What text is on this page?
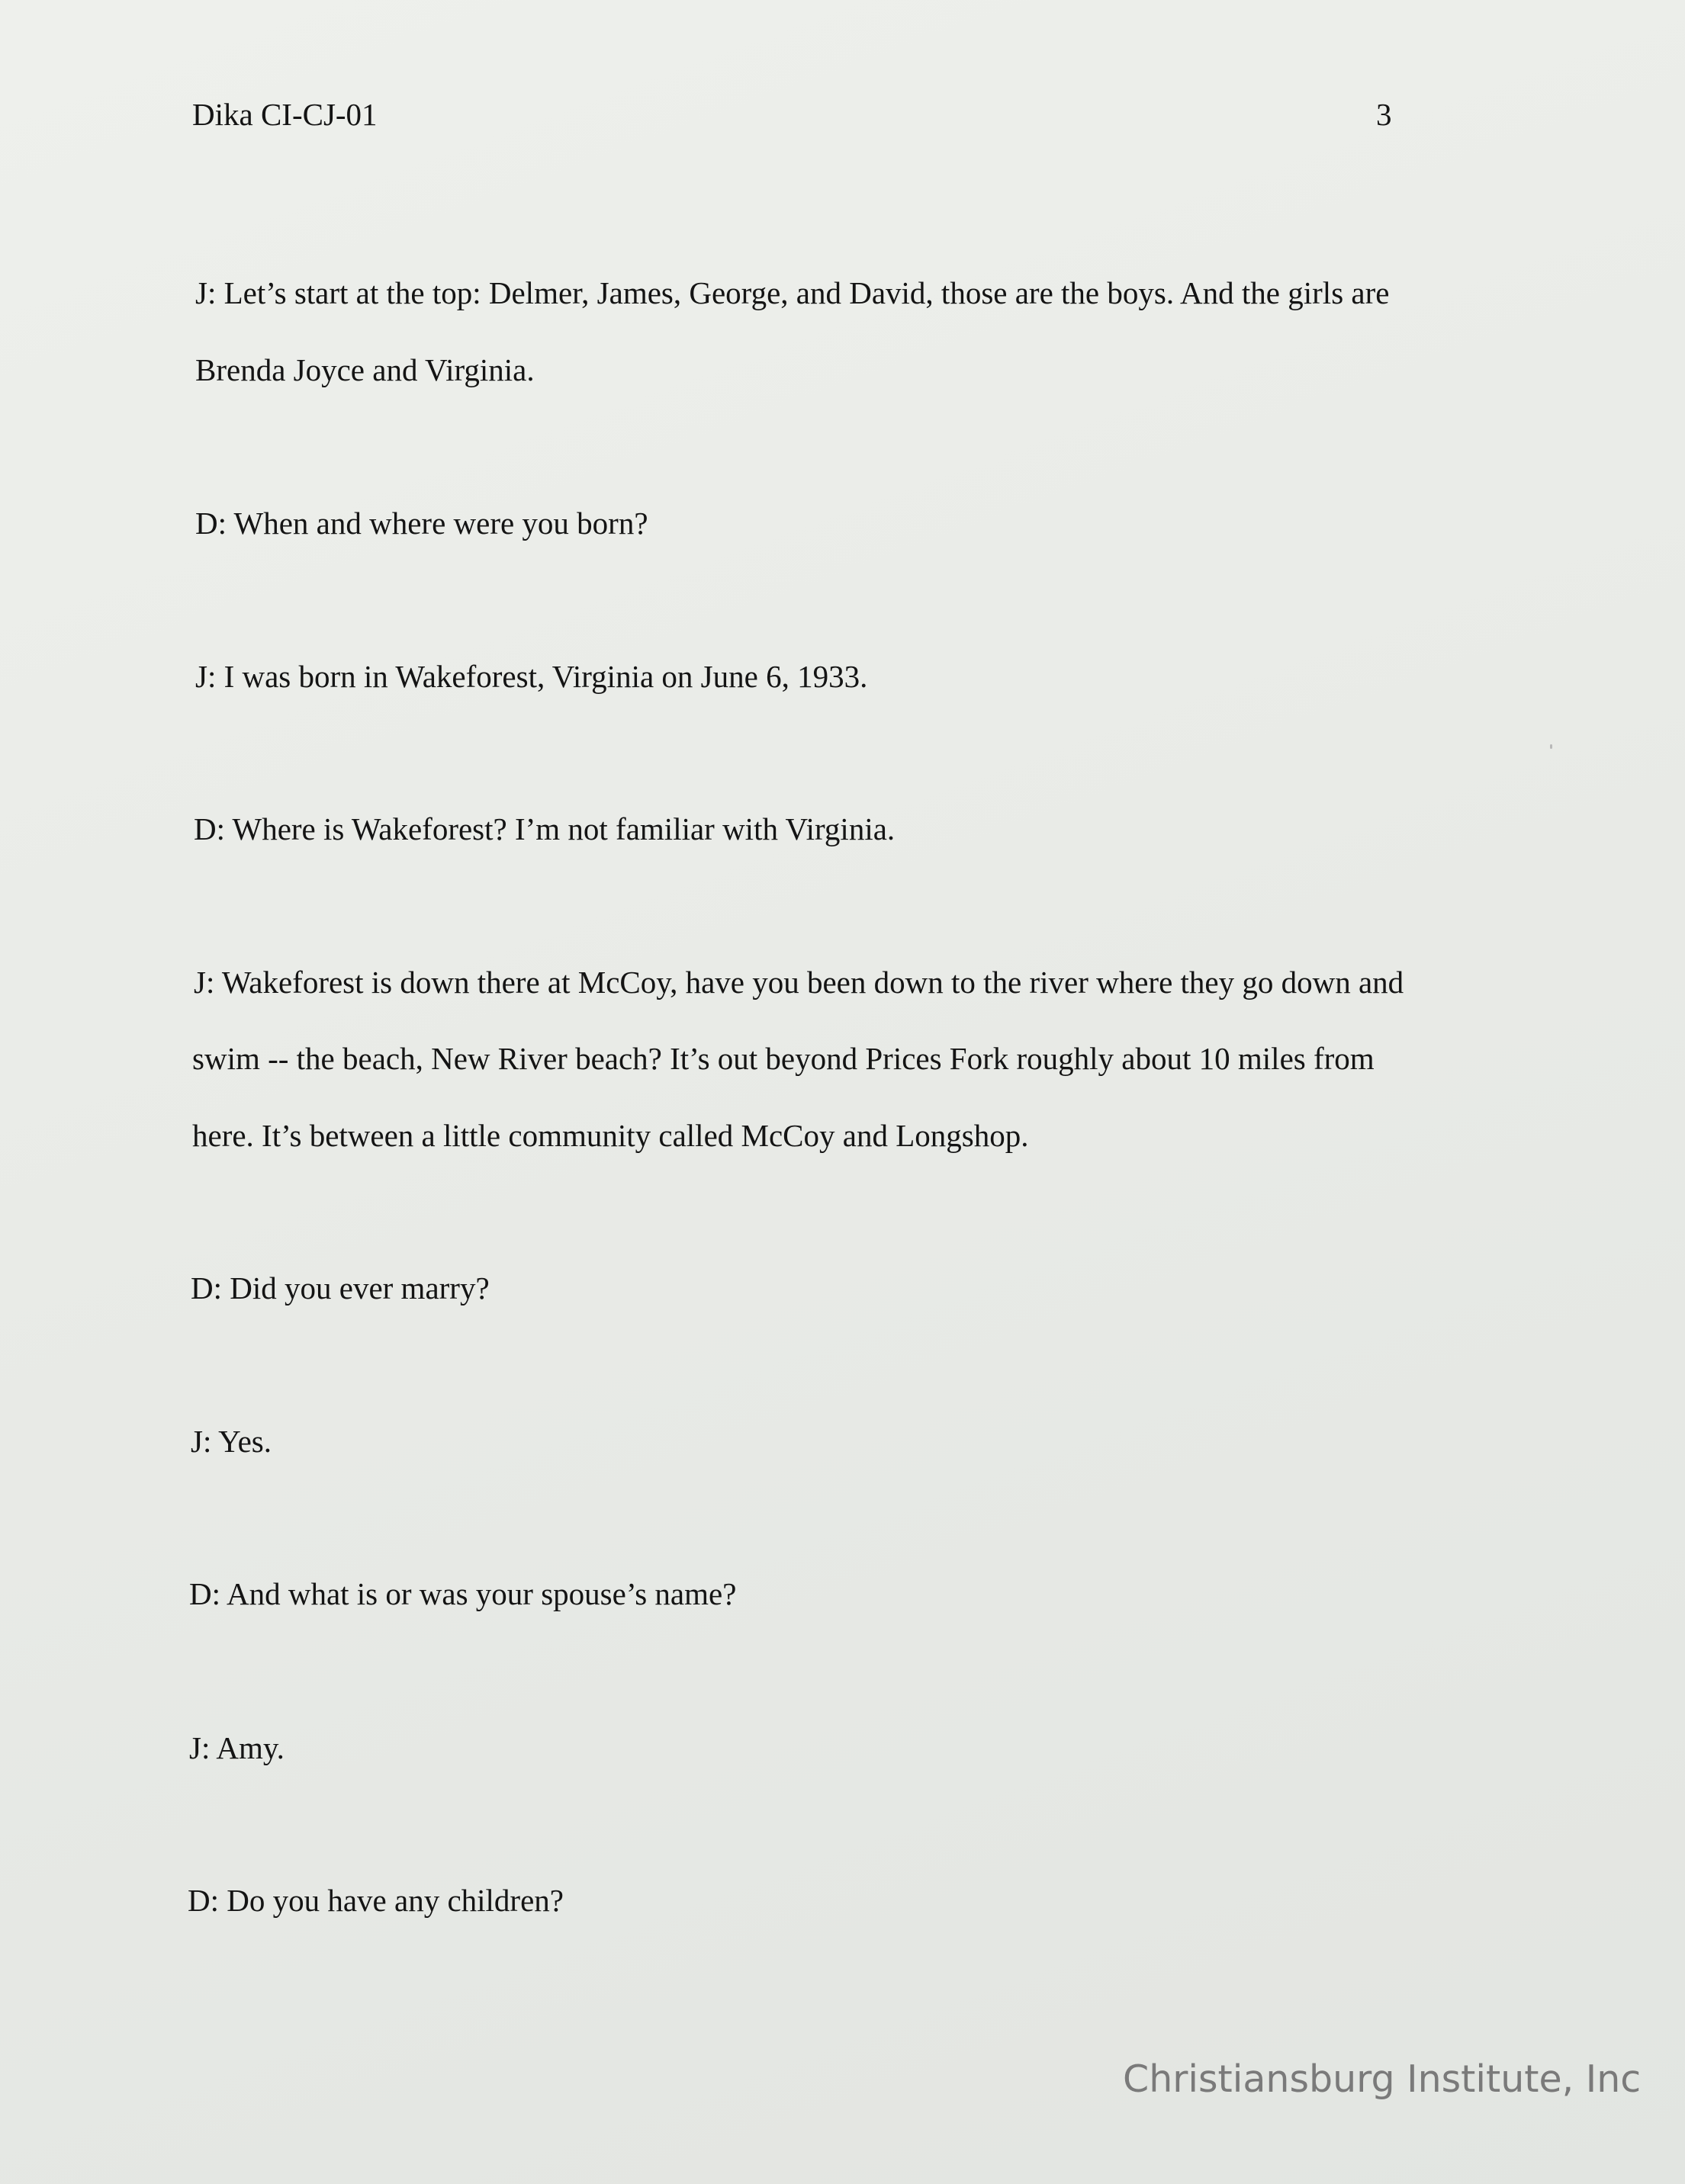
Dika CI-CJ-01	3
J: Let’s start at the top: Delmer, James, George, and David, those are the boys. And the girls are
Brenda Joyce and Virginia.
D: When and where were you born?
J: I was born in Wakeforest, Virginia on June 6, 1933.
D: Where is Wakeforest? I’m not familiar with Virginia.
J: Wakeforest is down there at McCoy, have you been down to the river where they go down and
swim -- the beach, New River beach? It’s out beyond Prices Fork roughly about 10 miles from
here. It’s between a little community called McCoy and Longshop.
D: Did you ever marry?
J: Yes.
D: And what is or was your spouse’s name?
J: Amy.
D: Do you have any children?
Christiansburg Institute, Inc
